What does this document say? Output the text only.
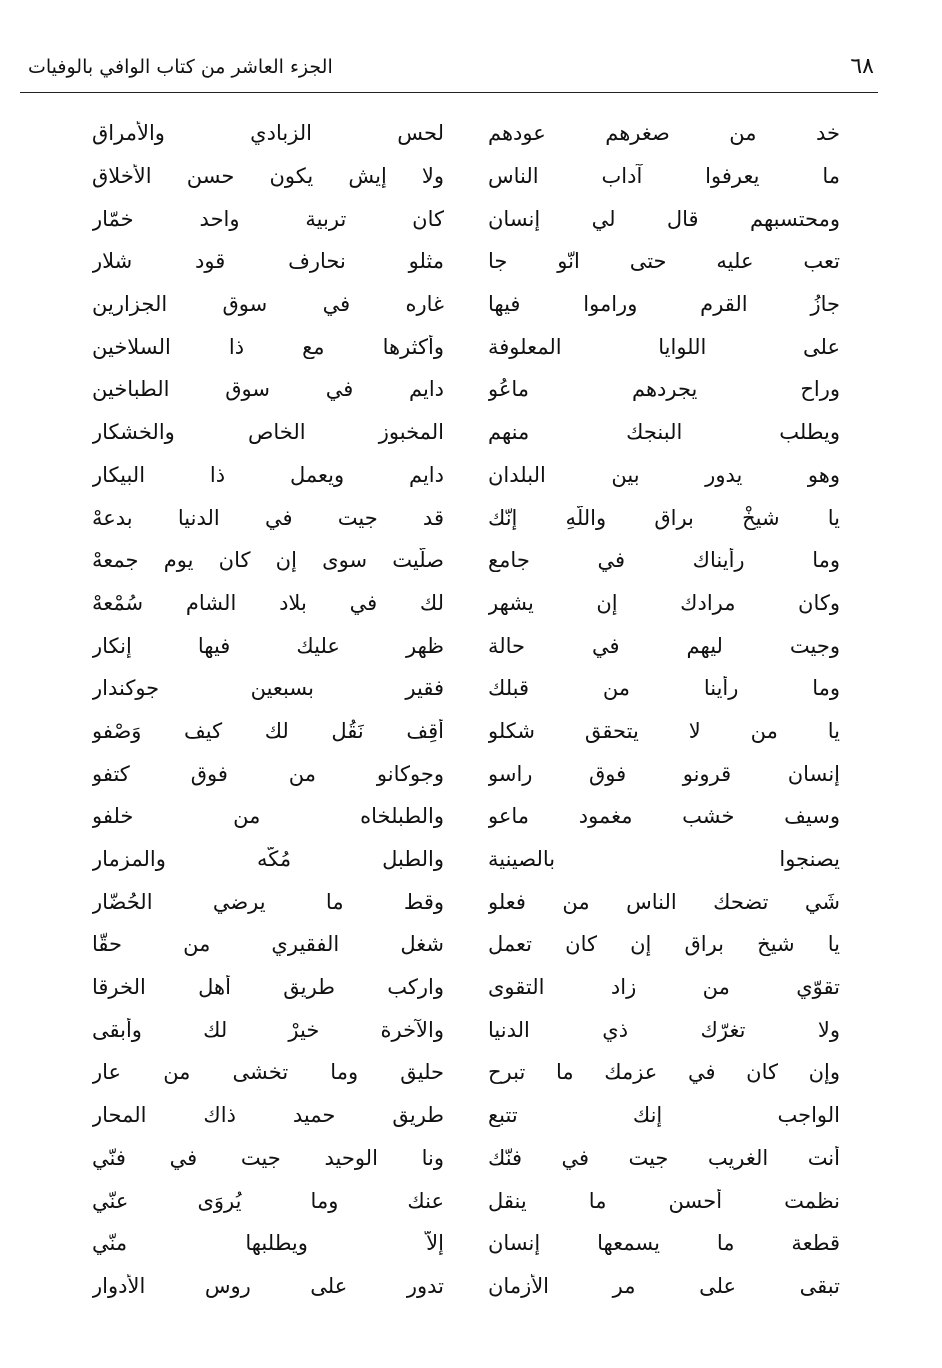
٦٨
الجزء العاشر من كتاب الوافي بالوفيات
خد من صغرهم عودهم
لحس الزبادي والأمراق
ما يعرفوا آداب الناس
ولا إيش يكون حسن الأخلاق
ومحتسبهم قال لي إنسان
كان تربية واحد خمّار
تعب عليه حتى انّو جا
مثلو نحارف قود شلار
جازُ القرم وراموا فيها
غاره في سوق الجزارين
على اللوايا المعلوفة
وأكثرها مع ذا السلاخين
وراح يجردهم ماعُو
دايم في سوق الطباخين
ويطلب البنجك منهم
المخبوز الخاص والخشكار
وهو يدور بين البلدان
دايم ويعمل ذا البيكار
يا شيخْ براق واللّهِ إنّك
قد جيت في الدنيا بدعهْ
وما رأيناك في جامع
صلّيت سوى إن كان يوم جمعهْ
وكان مرادك إن يشهر
لك في بلاد الشام سُمْعهْ
وجيت ليهم في حالة
ظهر عليك فيها إنكار
وما رأينا من قبلك
فقير بسبعين جوكندار
يا من لا يتحقق شكلو
أَقِف نَقُل لك كيف وَصْفو
إنسان قرونو فوق راسو
وجوكانو من فوق كتفو
وسيف خشب مغمود ماعو
والطبلخاه من خلفو
يصنجوا بالصينية
والطبل مُكّه والمزمار
شَي تضحك الناس من فعلو
وقط ما يرضي الحُضّار
يا شيخ براق إن كان تعمل
شغل الفقيري من حقّا
تقوّي من زاد التقوى
واركب طريق أهل الخرقا
ولا تغرّك ذي الدنيا
والآخرة خيرْ لك وأبقى
وإن كان في عزمك ما تبرح
حليق وما تخشى من عار
الواجب إنك تتبع
طريق حميد ذاك المحار
أنت الغريب جيت في فنّك
ونا الوحيد جيت في فنّي
نظمت أحسن ما ينقل
عنك وما يُروَى عنّي
قطعة ما يسمعها إنسان
إلاّ ويطلبها منّي
تبقى على مر الأزمان
تدور على روس الأدوار
